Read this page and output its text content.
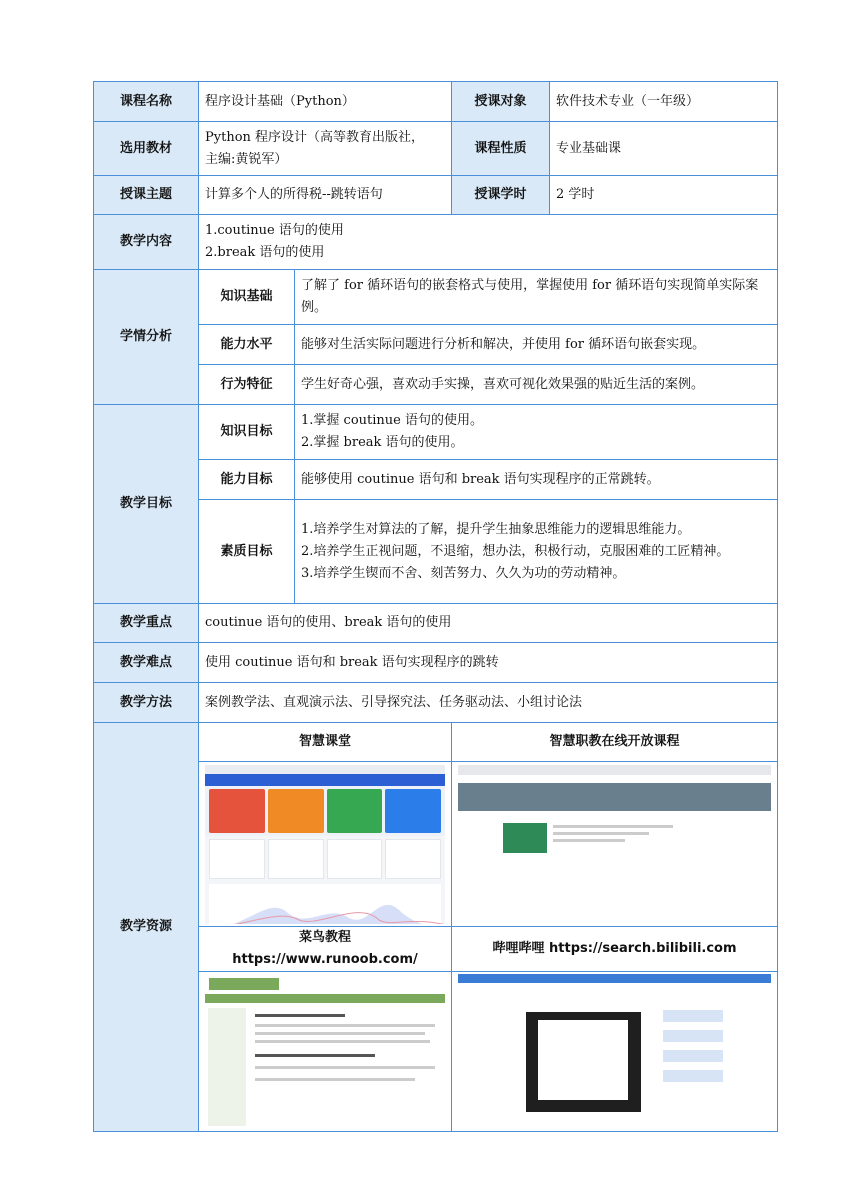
课程名称	程序设计基础（Python）		授课对象	软件技术专业（一年级）
选用教材	Python 程序设计（高等教育出版社，
主编:黄锐军）		课程性质	专业基础课
授课主题	计算多个人的所得税--跳转语句		授课学时	2 学时
教学内容	1.coutinue 语句的使用
2.break 语句的使用			

学情分析	知识基础	了解了 for 循环语句的嵌套格式与使用，掌握使用 for 循环语句实现简单实际案例。		
	能力水平	能够对生活实际问题进行分析和解决，并使用 for 循环语句嵌套实现。		
	行为特征	学生好奇心强，喜欢动手实操，喜欢可视化效果强的贴近生活的案例。		
教学目标	知识目标	1.掌握 coutinue 语句的使用。
2.掌握 break 语句的使用。		

	能力目标	能够使用 coutinue 语句和 break 语句实现程序的正常跳转。		
	素质目标	1.培养学生对算法的了解，提升学生抽象思维能力的逻辑思维能力。
2.培养学生正视问题，不退缩，想办法，积极行动，克服困难的工匠精神。
3.培养学生锲而不舍、刻苦努力、久久为功的劳动精神。		

教学重点	coutinue 语句的使用、break 语句的使用			
教学难点	使用 coutinue 语句和 break 语句实现程序的跳转			
教学方法	案例教学法、直观演示法、引导探究法、任务驱动法、小组讨论法			
教学资源	智慧课堂		智慧职教在线开放课程	

	菜鸟教程 https://www.runoob.com/		哔哩哔哩 https://search.bilibili.com	
